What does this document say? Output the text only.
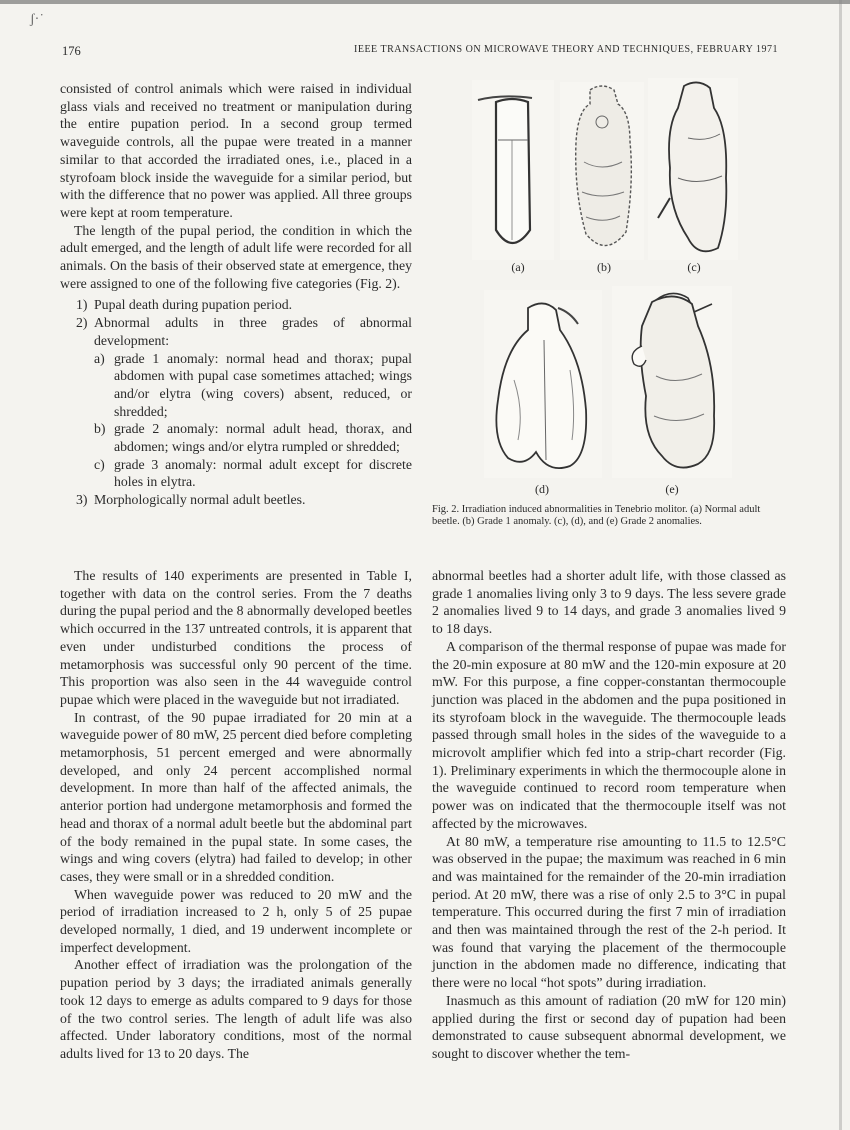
ʃ·˙
176	IEEE TRANSACTIONS ON MICROWAVE THEORY AND TECHNIQUES, FEBRUARY 1971

consisted of control animals which were raised in individual glass vials and received no treatment or manipulation during the entire pupation period. In a second group termed waveguide controls, all the pupae were treated in a manner similar to that accorded the irradiated ones, i.e., placed in a styrofoam block inside the waveguide for a similar period, but with the difference that no power was applied. All three groups were kept at room temperature.

The length of the pupal period, the condition in which the adult emerged, and the length of adult life were recorded for all animals. On the basis of their observed state at emergence, they were assigned to one of the following five categories (Fig. 2).

1) Pupal death during pupation period.
2) Abnormal adults in three grades of abnormal development:
a) grade 1 anomaly: normal head and thorax; pupal abdomen with pupal case sometimes attached; wings and/or elytra (wing covers) absent, reduced, or shredded;
b) grade 2 anomaly: normal adult head, thorax, and abdomen; wings and/or elytra rumpled or shredded;
c) grade 3 anomaly: normal adult except for discrete holes in elytra.
3) Morphologically normal adult beetles.
(a)	(b)	(c)
(d)	(e)
Fig. 2. Irradiation induced abnormalities in Tenebrio molitor. (a) Normal adult beetle. (b) Grade 1 anomaly. (c), (d), and (e) Grade 2 anomalies.

The results of 140 experiments are presented in Table I, together with data on the control series. From the 7 deaths during the pupal period and the 8 abnormally developed beetles which occurred in the 137 untreated controls, it is apparent that even under undisturbed conditions the process of metamorphosis was successful only 90 percent of the time. This proportion was also seen in the 44 waveguide control pupae which were placed in the waveguide but not irradiated.

In contrast, of the 90 pupae irradiated for 20 min at a waveguide power of 80 mW, 25 percent died before completing metamorphosis, 51 percent emerged and were abnormally developed, and only 24 percent accomplished normal development. In more than half of the affected animals, the anterior portion had undergone metamorphosis and formed the head and thorax of a normal adult beetle but the abdominal part of the body remained in the pupal state. In some cases, the wings and wing covers (elytra) had failed to develop; in other cases, they were small or in a shredded condition.

When waveguide power was reduced to 20 mW and the period of irradiation increased to 2 h, only 5 of 25 pupae developed normally, 1 died, and 19 underwent incomplete or imperfect development.

Another effect of irradiation was the prolongation of the pupation period by 3 days; the irradiated animals generally took 12 days to emerge as adults compared to 9 days for those of the two control series. The length of adult life was also affected. Under laboratory conditions, most of the normal adults lived for 13 to 20 days. The

abnormal beetles had a shorter adult life, with those classed as grade 1 anomalies living only 3 to 9 days. The less severe grade 2 anomalies lived 9 to 14 days, and grade 3 anomalies lived 9 to 18 days.

A comparison of the thermal response of pupae was made for the 20-min exposure at 80 mW and the 120-min exposure at 20 mW. For this purpose, a fine copper-constantan thermocouple junction was placed in the abdomen and the pupa positioned in its styrofoam block in the waveguide. The thermocouple leads passed through small holes in the sides of the waveguide to a microvolt amplifier which fed into a strip-chart recorder (Fig. 1). Preliminary experiments in which the thermocouple alone in the waveguide continued to record room temperature when power was on indicated that the thermocouple itself was not affected by the microwaves.

At 80 mW, a temperature rise amounting to 11.5 to 12.5°C was observed in the pupae; the maximum was reached in 6 min and was maintained for the remainder of the 20-min irradiation period. At 20 mW, there was a rise of only 2.5 to 3°C in pupal temperature. This occurred during the first 7 min of irradiation and then was maintained through the rest of the 2-h period. It was found that varying the placement of the thermocouple junction in the abdomen made no difference, indicating that there were no local “hot spots” during irradiation.

Inasmuch as this amount of radiation (20 mW for 120 min) applied during the first or second day of pupation had been demonstrated to cause subsequent abnormal development, we sought to discover whether the tem-
